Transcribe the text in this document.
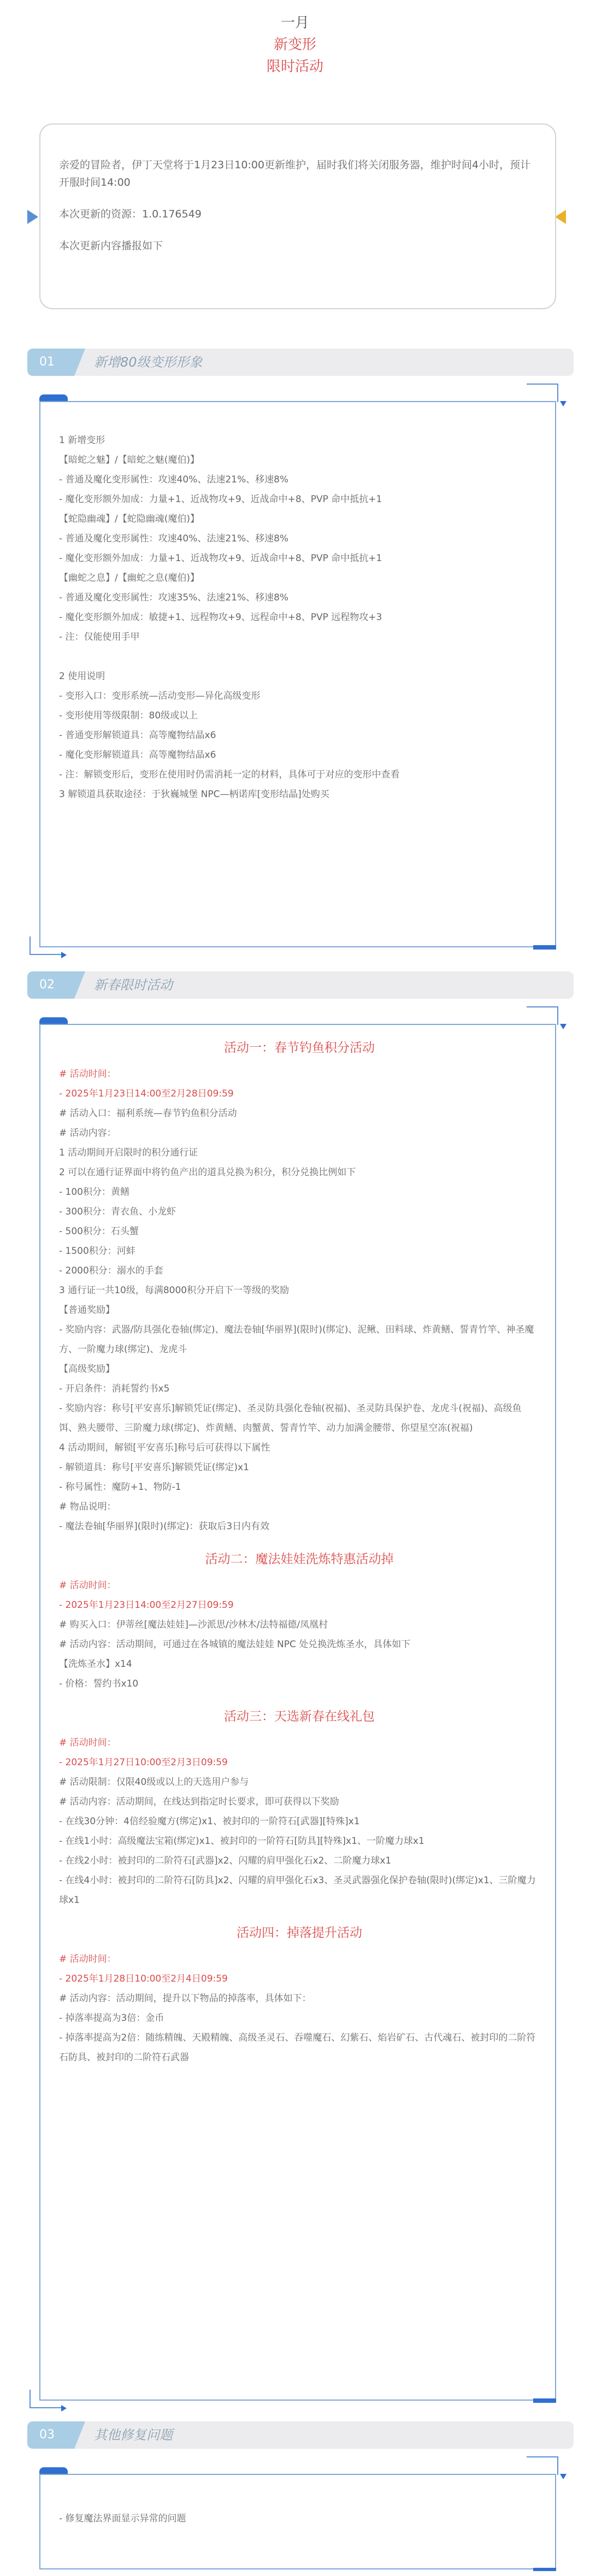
一月
新变形
限时活动

亲爱的冒险者，伊丁天堂将于1月23日10:00更新维护，届时我们将关闭服务器，维护时间4小时，预计开服时间14:00

本次更新的资源：1.0.176549

本次更新内容播报如下

01	新增80级变形形象
1 新增变形
【暗蛇之魅】/【暗蛇之魅(魔伯)】
- 普通及魔化变形属性：攻速40%、法速21%、移速8%
- 魔化变形额外加成：力量+1、近战物攻+9、近战命中+8、PVP 命中抵抗+1
【蛇隐幽魂】/【蛇隐幽魂(魔伯)】
- 普通及魔化变形属性：攻速40%、法速21%、移速8%
- 魔化变形额外加成：力量+1、近战物攻+9、近战命中+8、PVP 命中抵抗+1
【幽蛇之息】/【幽蛇之息(魔伯)】
- 普通及魔化变形属性：攻速35%、法速21%、移速8%
- 魔化变形额外加成：敏捷+1、远程物攻+9、远程命中+8、PVP 远程物攻+3
- 注：仅能使用手甲
2 使用说明
- 变形入口：变形系统—活动变形—异化高级变形
- 变形使用等级限制：80级或以上
- 普通变形解锁道具：高等魔物结晶x6
- 魔化变形解锁道具：高等魔物结晶x6
- 注：解锁变形后，变形在使用时仍需消耗一定的材料，具体可于对应的变形中查看
3 解锁道具获取途径：于狄巍城堡 NPC—柄诺库[变形结晶]处购买
02	新春限时活动
活动一：春节钓鱼积分活动
# 活动时间：
- 2025年1月23日14:00至2月28日09:59
# 活动入口：福利系统—春节钓鱼积分活动
# 活动内容：
1 活动期间开启限时的积分通行证
2 可以在通行证界面中将钓鱼产出的道具兑换为积分，积分兑换比例如下
- 100积分：黄鳝
- 300积分：青衣鱼、小龙虾
- 500积分：石头蟹
- 1500积分：河蚌
- 2000积分：溺水的手套
3 通行证一共10级，每满8000积分开启下一等级的奖励
【普通奖励】
- 奖励内容：武器/防具强化卷轴(绑定)、魔法卷轴[华丽界](限时)(绑定)、泥鳅、田料球、炸黄鳝、誓青竹竿、神圣魔方、一阶魔力球(绑定)、龙虎斗
【高级奖励】
- 开启条件：消耗誓约书x5
- 奖励内容：称号[平安喜乐]解锁凭证(绑定)、圣灵防具强化卷轴(祝福)、圣灵防具保护卷、龙虎斗(祝福)、高级鱼饵、熟夫腰带、三阶魔力球(绑定)、炸黄鳝、肉蟹黄、誓青竹竿、动力加满金腰带、你望星空冻(祝福)
4 活动期间，解锁[平安喜乐]称号后可获得以下属性
- 解锁道具：称号[平安喜乐]解锁凭证(绑定)x1
- 称号属性：魔防+1、物防-1
# 物品说明：
- 魔法卷轴[华丽界](限时)(绑定)：获取后3日内有效
活动二：魔法娃娃洗炼特惠活动掉
# 活动时间：
- 2025年1月23日14:00至2月27日09:59
# 购买入口：伊蒂丝[魔法娃娃]—沙派思/沙林木/法特福德/凤凰村
# 活动内容：活动期间，可通过在各城镇的魔法娃娃 NPC 处兑换洗炼圣水，具体如下
【洗炼圣水】x14
- 价格：誓约书x10
活动三：天选新春在线礼包
# 活动时间：
- 2025年1月27日10:00至2月3日09:59
# 活动限制：仅限40级或以上的天选用户参与
# 活动内容：活动期间，在线达到指定时长要求，即可获得以下奖励
- 在线30分钟：4倍经验魔方(绑定)x1、被封印的一阶符石[武器][特殊]x1
- 在线1小时：高级魔法宝箱(绑定)x1、被封印的一阶符石[防具][特殊]x1、一阶魔力球x1
- 在线2小时：被封印的二阶符石[武器]x2、闪耀的肩甲强化石x2、二阶魔力球x1
- 在线4小时：被封印的二阶符石[防具]x2、闪耀的肩甲强化石x3、圣灵武器强化保护卷轴(限时)(绑定)x1、三阶魔力球x1
活动四：掉落提升活动
# 活动时间：
- 2025年1月28日10:00至2月4日09:59
# 活动内容：活动期间，提升以下物品的掉落率，具体如下：
- 掉落率提高为3倍：金币
- 掉落率提高为2倍：随练精魄、天殿精魄、高级圣灵石、吞噬魔石、幻紫石、焰岩矿石、古代魂石、被封印的二阶符石防具、被封印的二阶符石武器
03	其他修复问题
- 修复魔法界面显示异常的问题
